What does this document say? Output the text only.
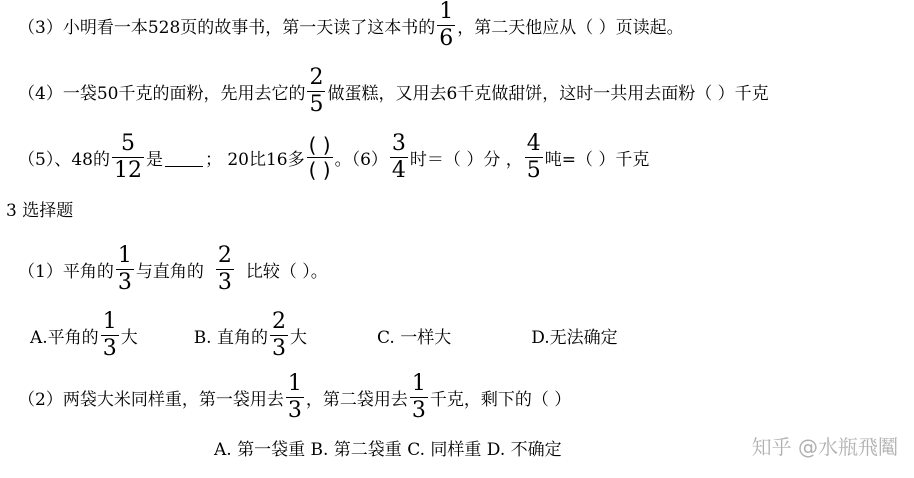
（3）小明看一本528页的故事书，第一天读了这本书的 $\frac{1}{6}$ ，第二天他应从（ ）页读起。
（4）一袋50千克的面粉，先用去它的 $\frac{2}{5}$ 做蛋糕，又用去6千克做甜饼，这时一共用去面粉（ ）千克
（5）、48的 $\frac{5}{12}$ 是 ； 20比16多 $\frac{( )}{( )}$ 。$(6) \frac{3}{4}$ 时＝（ ）分 ， $\frac{4}{5}$ 吨=（ ）千克
3 选择题
（1）平角的 $\frac{1}{3}$ 与直角的 $\frac{2}{3}$ 比较（ ）。
A.平角的 $\frac{1}{3}$ 大	B. 直角的 $\frac{2}{3}$ 大	C. 一样大	D.无法确定
（2）两袋大米同样重，第一袋用去 $\frac{1}{3}$ ，第二袋用去 $\frac{1}{3}$ 千克，剩下的（ ）
A. 第一袋重 B. 第二袋重 C. 同样重 D. 不确定	知乎 @水瓶飛䰗
